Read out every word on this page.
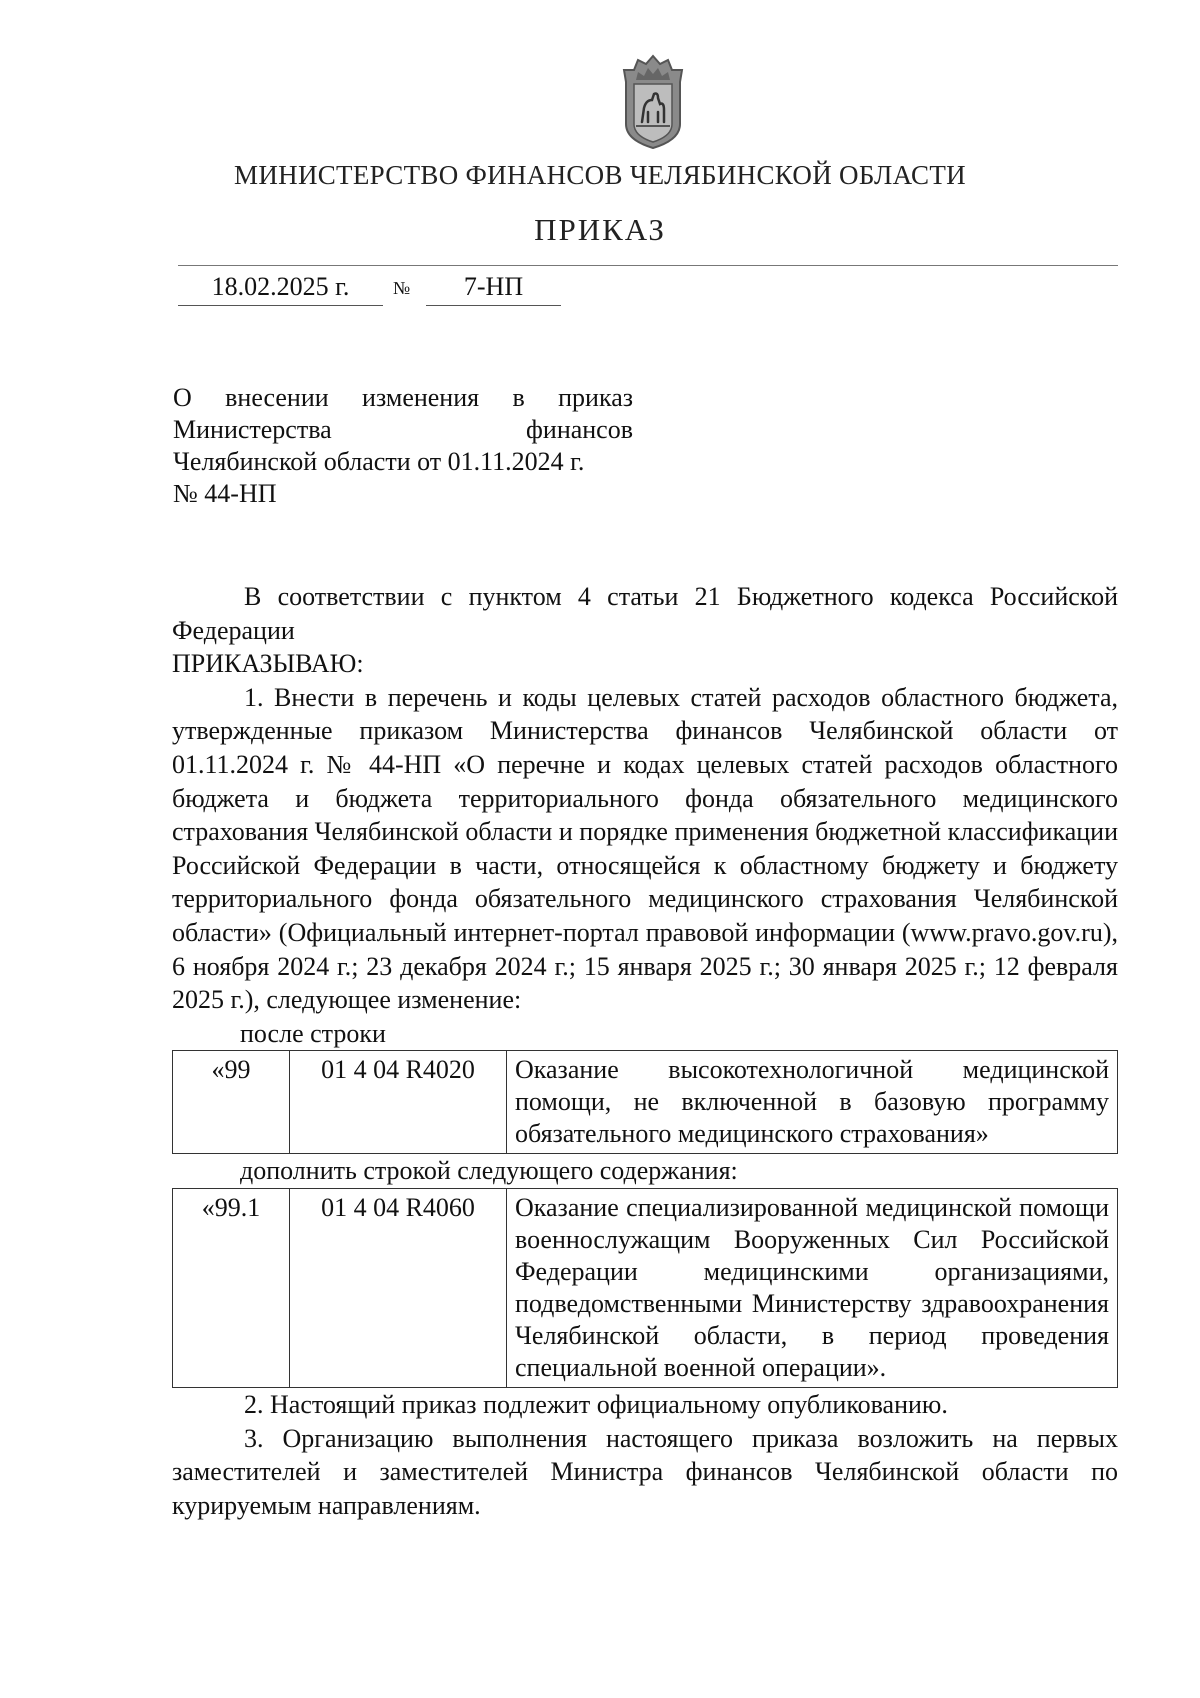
МИНИСТЕРСТВО ФИНАНСОВ ЧЕЛЯБИНСКОЙ ОБЛАСТИ
ПРИКАЗ
18.02.2025 г.	№	7-НП
О внесении изменения в приказ
Министерства финансов
Челябинской области от 01.11.2024 г.
№ 44-НП

В соответствии с пунктом 4 статьи 21 Бюджетного кодекса Российской Федерации

ПРИКАЗЫВАЮ:

1. Внести в перечень и коды целевых статей расходов областного бюджета, утвержденные приказом Министерства финансов Челябинской области от 01.11.2024 г. № 44-НП «О перечне и кодах целевых статей расходов областного бюджета и бюджета территориального фонда обязательного медицинского страхования Челябинской области и порядке применения бюджетной классификации Российской Федерации в части, относящейся к областному бюджету и бюджету территориального фонда обязательного медицинского страхования Челябинской области» (Официальный интернет-портал правовой информации (www.pravo.gov.ru), 6 ноября 2024 г.; 23 декабря 2024 г.; 15 января 2025 г.; 30 января 2025 г.; 12 февраля 2025 г.), следующее изменение:

после строки

«99	01 4 04 R4020	Оказание высокотехнологичной медицинской помощи, не включенной в базовую программу обязательного медицинского страхования»

дополнить строкой следующего содержания:

«99.1	01 4 04 R4060	Оказание специализированной медицинской помощи военнослужащим Вооруженных Сил Российской Федерации медицинскими организациями, подведомственными Министерству здравоохранения Челябинской области, в период проведения специальной военной операции».

2. Настоящий приказ подлежит официальному опубликованию.

3. Организацию выполнения настоящего приказа возложить на первых заместителей и заместителей Министра финансов Челябинской области по курируемым направлениям.
